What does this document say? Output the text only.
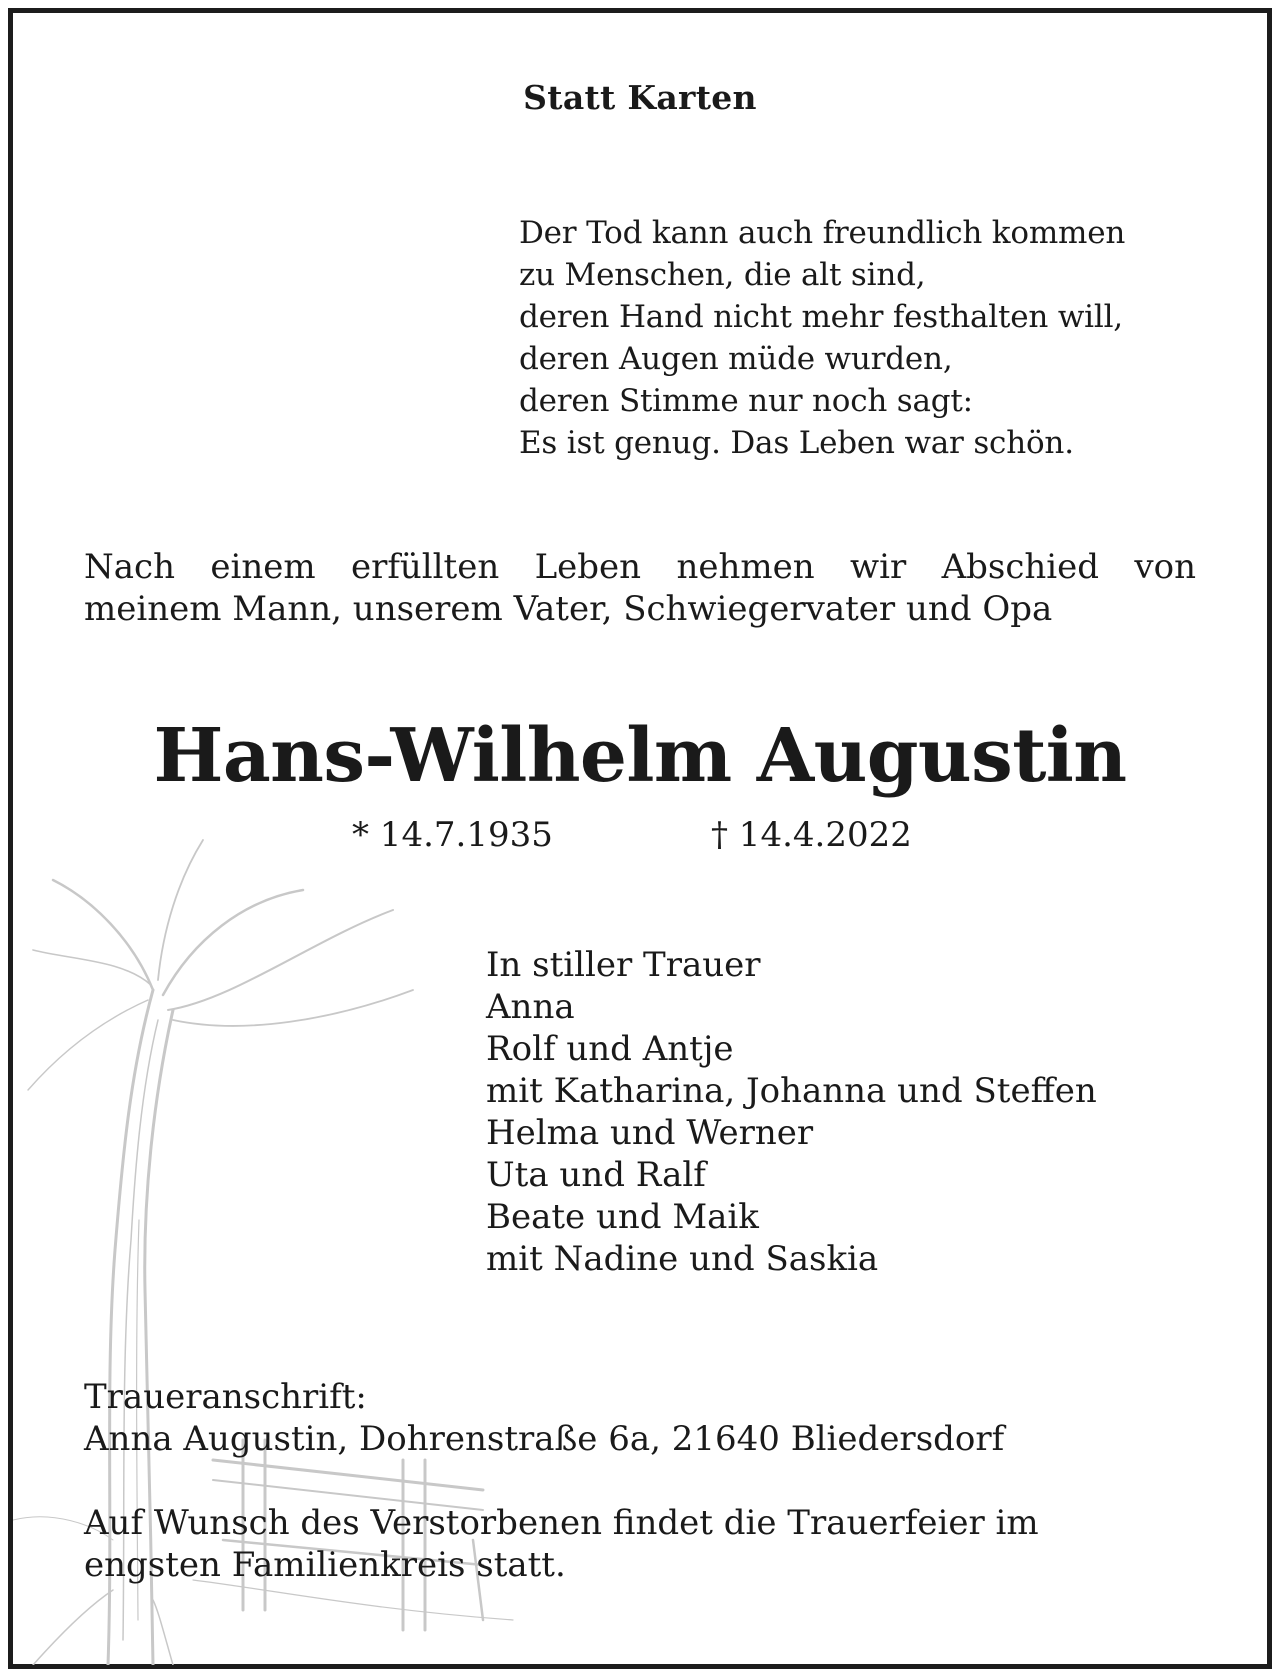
Statt Karten

Der Tod kann auch freundlich kommen
zu Menschen, die alt sind,
deren Hand nicht mehr festhalten will,
deren Augen müde wurden,
deren Stimme nur noch sagt:
Es ist genug. Das Leben war schön.
Nach einem erfüllten Leben nehmen wir Abschied von
meinem Mann, unserem Vater, Schwiegervater und Opa
Hans-Wilhelm Augustin
* 14.7.1935	† 14.4.2022
In stiller Trauer
Anna
Rolf und Antje
mit Katharina, Johanna und Steffen
Helma und Werner
Uta und Ralf
Beate und Maik
mit Nadine und Saskia
Traueranschrift:
Anna Augustin, Dohrenstraße 6a, 21640 Bliedersdorf
Auf Wunsch des Verstorbenen findet die Trauerfeier im
engsten Familienkreis statt.
